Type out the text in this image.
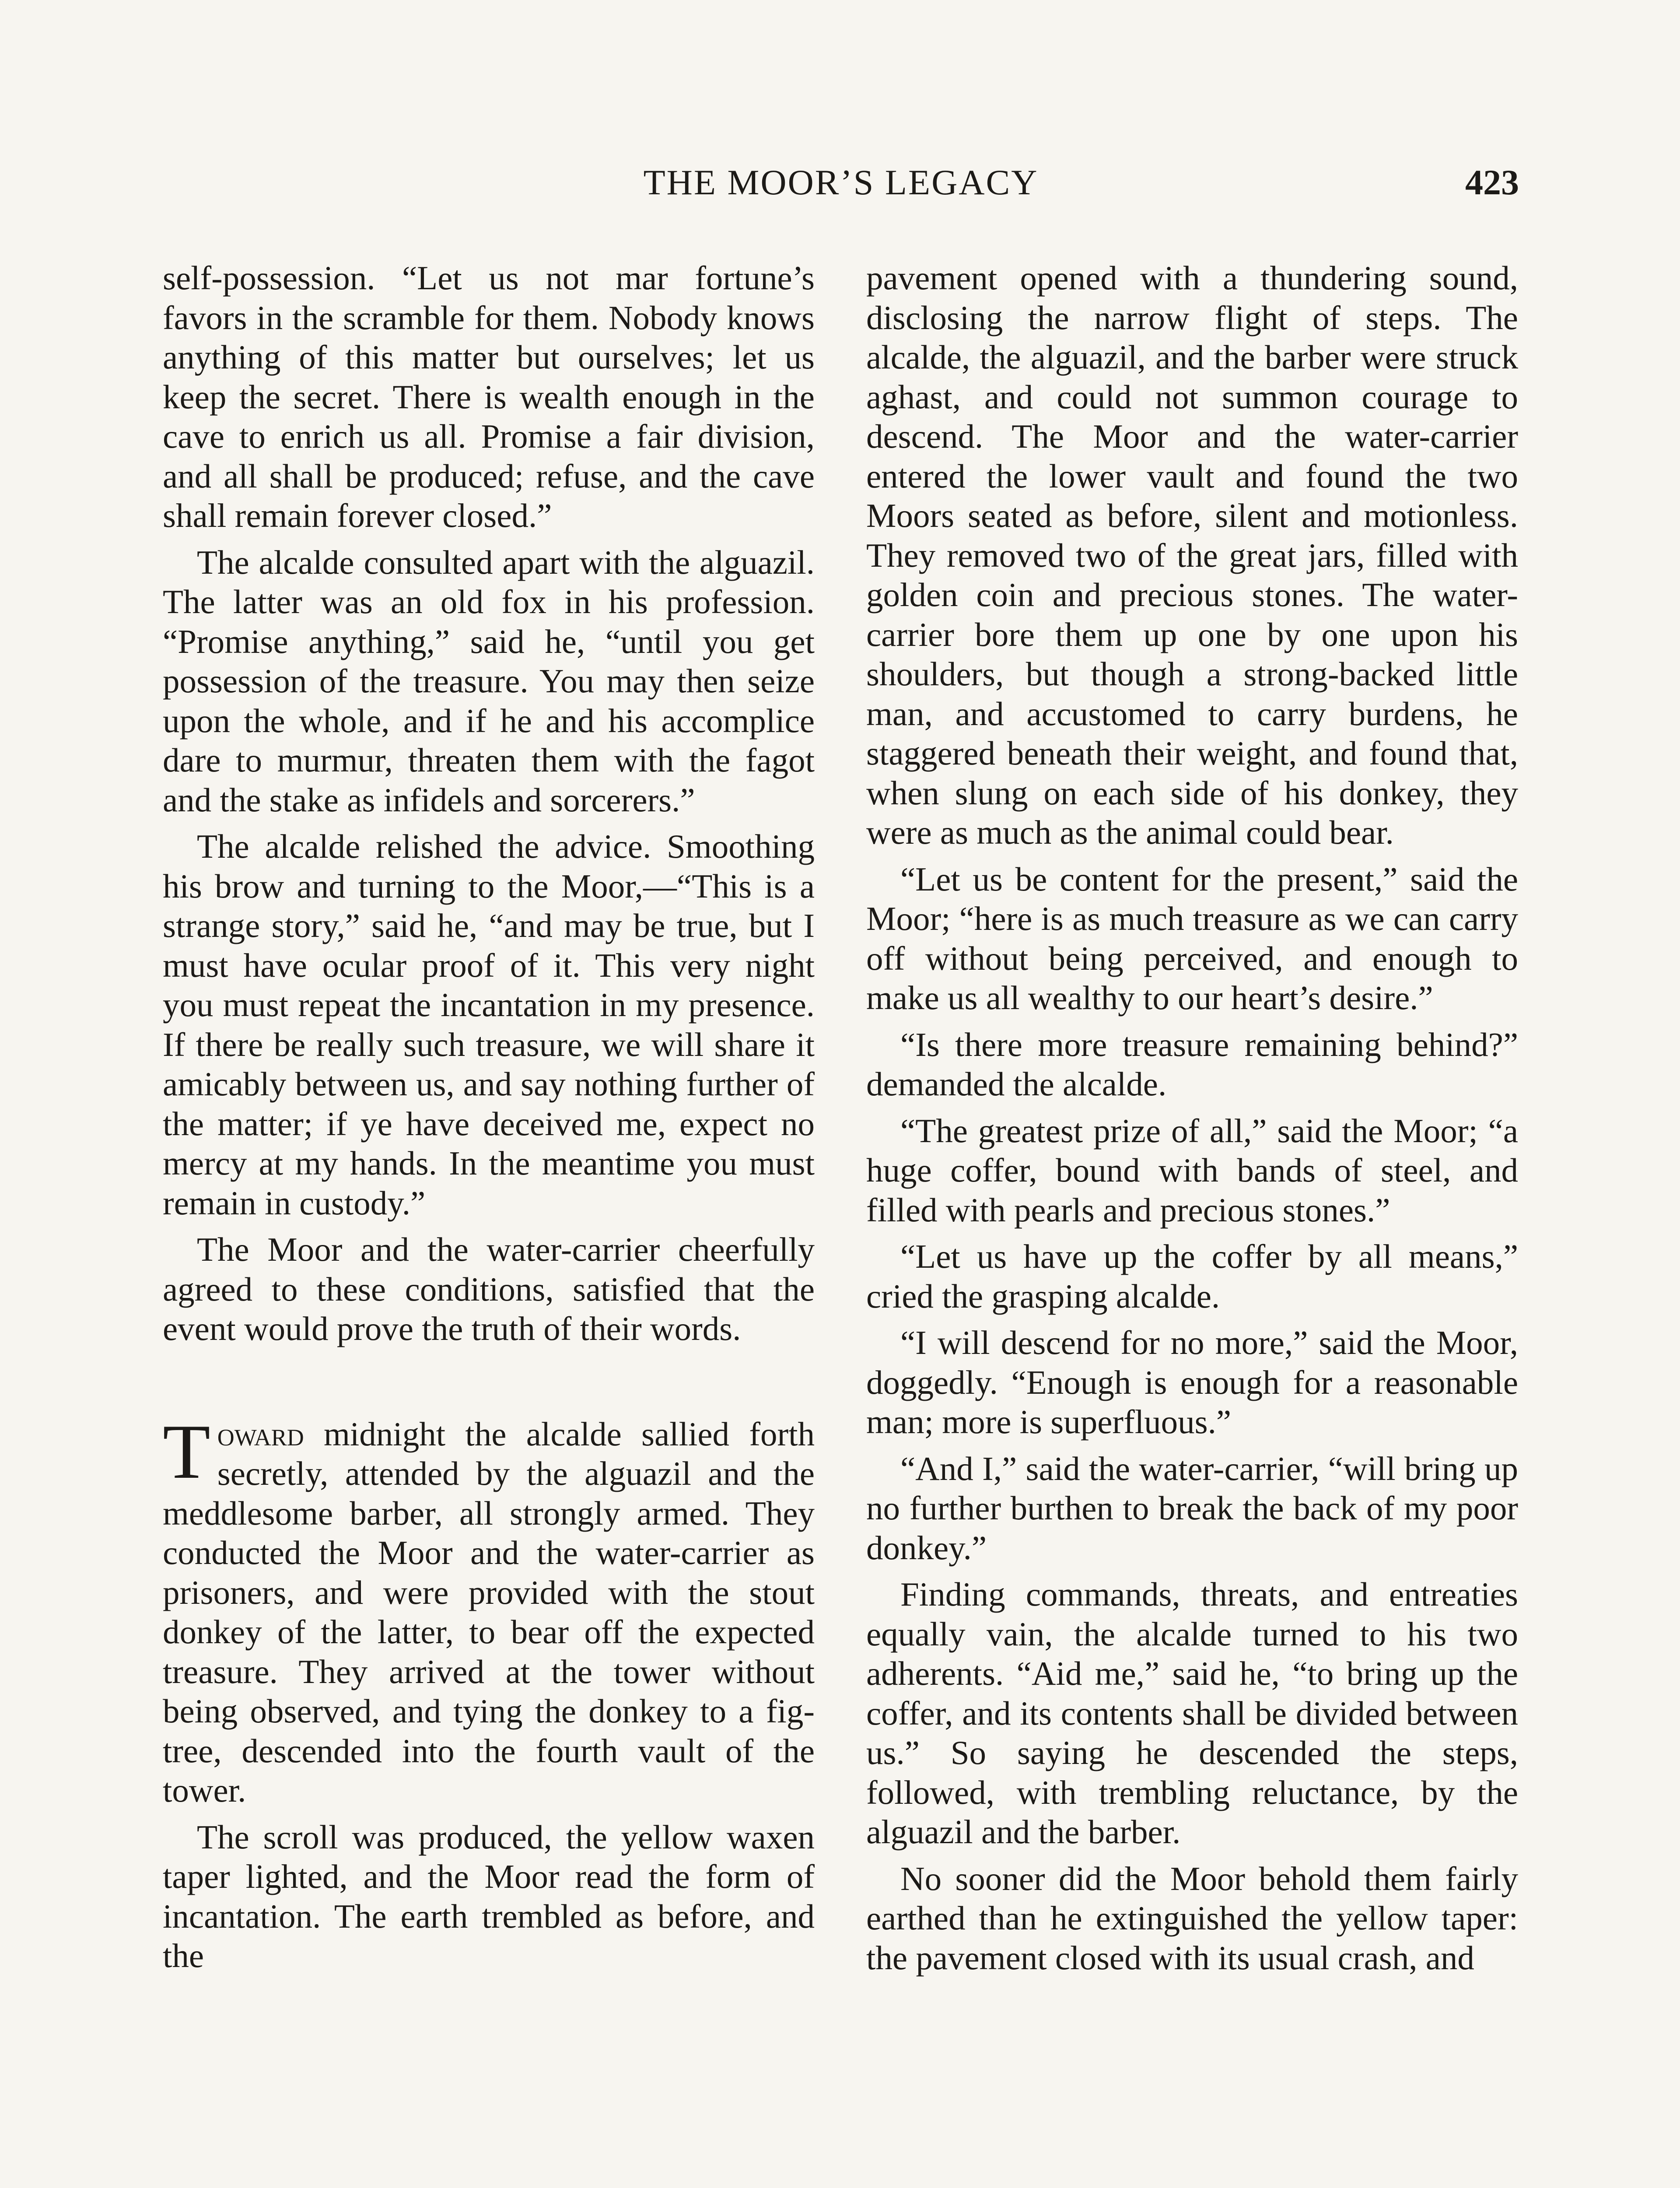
THE MOOR’S LEGACY	423

self-possession. “Let us not mar fortune’s favors in the scramble for them. Nobody knows anything of this matter but ourselves; let us keep the secret. There is wealth enough in the cave to enrich us all. Promise a fair division, and all shall be produced; refuse, and the cave shall remain forever closed.”

The alcalde consulted apart with the alguazil. The latter was an old fox in his profession. “Promise anything,” said he, “until you get possession of the treasure. You may then seize upon the whole, and if he and his accomplice dare to murmur, threaten them with the fagot and the stake as infidels and sorcerers.”

The alcalde relished the advice. Smoothing his brow and turning to the Moor,—“This is a strange story,” said he, “and may be true, but I must have ocular proof of it. This very night you must repeat the incantation in my presence. If there be really such treasure, we will share it amicably between us, and say nothing further of the matter; if ye have deceived me, expect no mercy at my hands. In the meantime you must remain in custody.”

The Moor and the water-carrier cheerfully agreed to these conditions, satisfied that the event would prove the truth of their words.

Toward midnight the alcalde sallied forth secretly, attended by the alguazil and the meddlesome barber, all strongly armed. They conducted the Moor and the water-carrier as prisoners, and were provided with the stout donkey of the latter, to bear off the expected treasure. They arrived at the tower without being observed, and tying the donkey to a fig-tree, descended into the fourth vault of the tower.

The scroll was produced, the yellow waxen taper lighted, and the Moor read the form of incantation. The earth trembled as before, and the

pavement opened with a thundering sound, disclosing the narrow flight of steps. The alcalde, the alguazil, and the barber were struck aghast, and could not summon courage to descend. The Moor and the water-carrier entered the lower vault and found the two Moors seated as before, silent and motionless. They removed two of the great jars, filled with golden coin and precious stones. The water-carrier bore them up one by one upon his shoulders, but though a strong-backed little man, and accustomed to carry burdens, he staggered beneath their weight, and found that, when slung on each side of his donkey, they were as much as the animal could bear.

“Let us be content for the present,” said the Moor; “here is as much treasure as we can carry off without being perceived, and enough to make us all wealthy to our heart’s desire.”

“Is there more treasure remaining behind?” demanded the alcalde.

“The greatest prize of all,” said the Moor; “a huge coffer, bound with bands of steel, and filled with pearls and precious stones.”

“Let us have up the coffer by all means,” cried the grasping alcalde.

“I will descend for no more,” said the Moor, doggedly. “Enough is enough for a reasonable man; more is superfluous.”

“And I,” said the water-carrier, “will bring up no further burthen to break the back of my poor donkey.”

Finding commands, threats, and entreaties equally vain, the alcalde turned to his two adherents. “Aid me,” said he, “to bring up the coffer, and its contents shall be divided between us.” So saying he descended the steps, followed, with trembling reluctance, by the alguazil and the barber.

No sooner did the Moor behold them fairly earthed than he extinguished the yellow taper: the pavement closed with its usual crash, and
